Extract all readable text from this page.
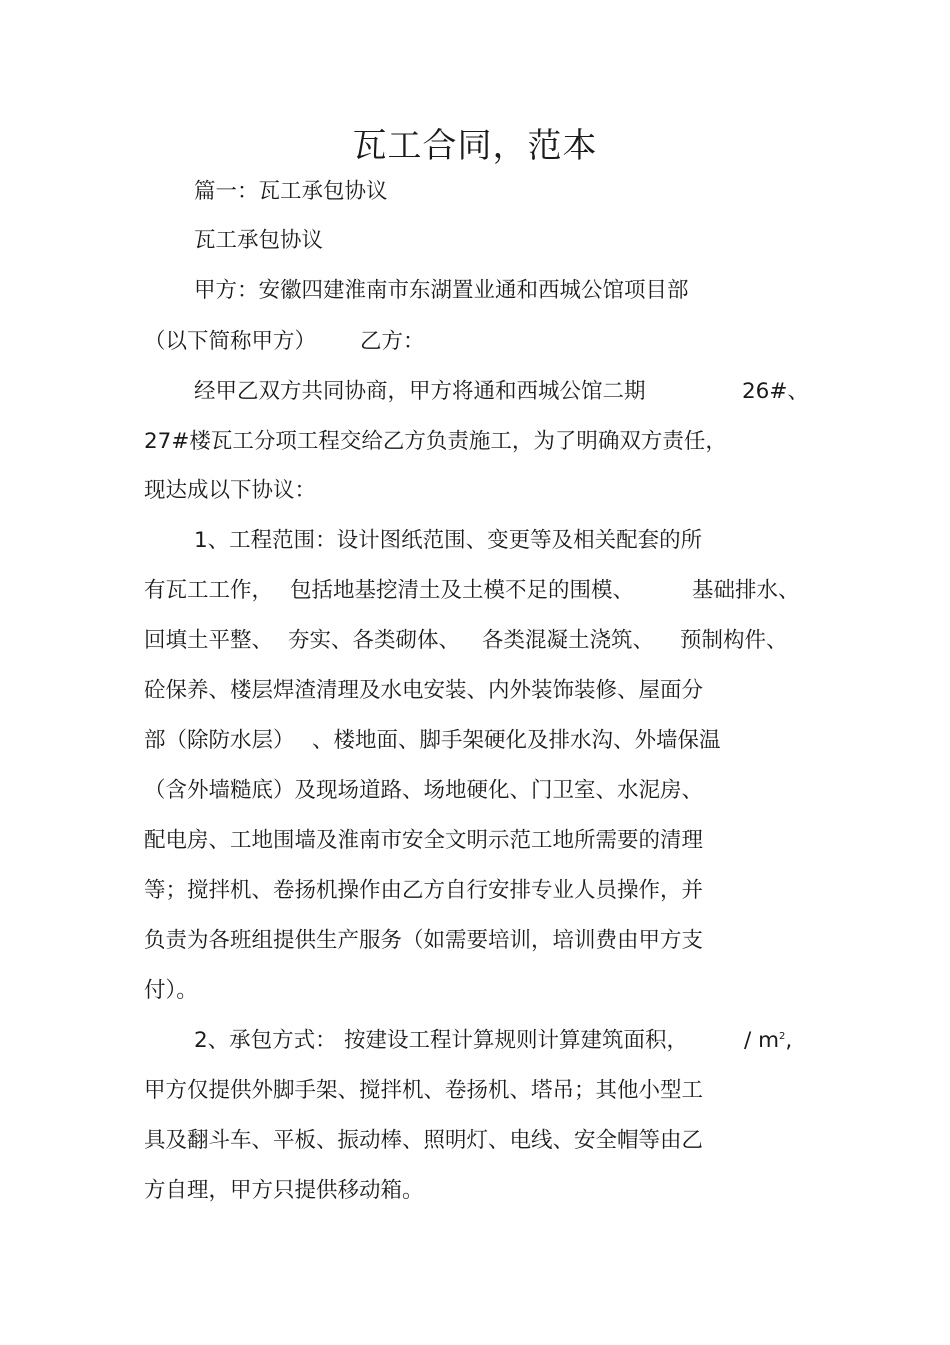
瓦工合同，范本
篇一：瓦工承包协议
瓦工承包协议
甲方：安徽四建淮南市东湖置业通和西城公馆项目部
（以下简称甲方） 乙方：
经甲乙双方共同协商，甲方将通和西城公馆二期	26#、
27#楼瓦工分项工程交给乙方负责施工，为了明确双方责任，
现达成以下协议：
1、工程范围：设计图纸范围、变更等及相关配套的所
有瓦工工作， 包括地基挖清土及土模不足的围模、	基础排水、
回填土平整、 夯实、各类砌体、 各类混凝土浇筑、 预制构件、
砼保养、楼层焊渣清理及水电安装、内外装饰装修、屋面分
部（除防水层） 、楼地面、脚手架硬化及排水沟、外墙保温
（含外墙糙底）及现场道路、场地硬化、门卫室、水泥房、
配电房、工地围墙及淮南市安全文明示范工地所需要的清理
等；搅拌机、卷扬机操作由乙方自行安排专业人员操作，并
负责为各班组提供生产服务（如需要培训，培训费由甲方支
付）。
2、承包方式： 按建设工程计算规则计算建筑面积，	/ $m^2$,
甲方仅提供外脚手架、搅拌机、卷扬机、塔吊；其他小型工
具及翻斗车、平板、振动棒、照明灯、电线、安全帽等由乙
方自理，甲方只提供移动箱。
